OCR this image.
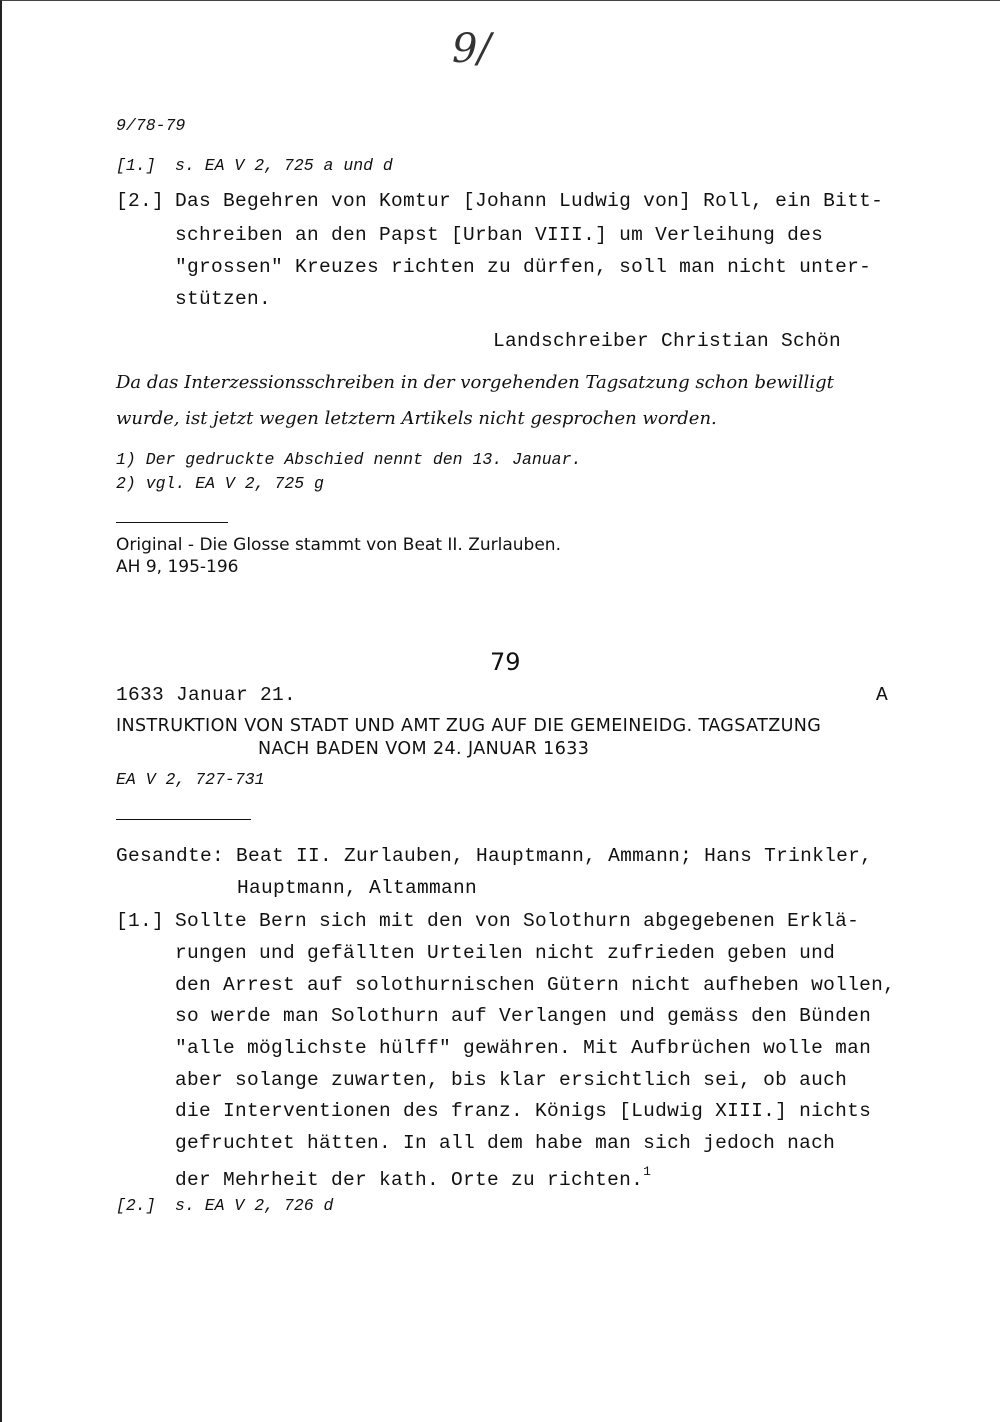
9/
9/78-79
[1.] s. EA V 2, 725 a und d
[2.] Das Begehren von Komtur [Johann Ludwig von] Roll, ein Bitt-
schreiben an den Papst [Urban VIII.] um Verleihung des
"grossen" Kreuzes richten zu dürfen, soll man nicht unter-
stützen.
Landschreiber Christian Schön
Da das Interzessionsschreiben in der vorgehenden Tagsatzung schon bewilligt
wurde, ist jetzt wegen letztern Artikels nicht gesprochen worden.
1) Der gedruckte Abschied nennt den 13. Januar.
2) vgl. EA V 2, 725 g
Original - Die Glosse stammt von Beat II. Zurlauben.
AH 9, 195-196
79
1633 Januar 21.	A
INSTRUKTION VON STADT UND AMT ZUG AUF DIE GEMEINEIDG. TAGSATZUNG
NACH BADEN VOM 24. JANUAR 1633
EA V 2, 727-731
Gesandte: Beat II. Zurlauben, Hauptmann, Ammann; Hans Trinkler,
Hauptmann, Altammann
[1.] Sollte Bern sich mit den von Solothurn abgegebenen Erklä-
rungen und gefällten Urteilen nicht zufrieden geben und
den Arrest auf solothurnischen Gütern nicht aufheben wollen,
so werde man Solothurn auf Verlangen und gemäss den Bünden
"alle möglichste hülff" gewähren. Mit Aufbrüchen wolle man
aber solange zuwarten, bis klar ersichtlich sei, ob auch
die Interventionen des franz. Königs [Ludwig XIII.] nichts
gefruchtet hätten. In all dem habe man sich jedoch nach
der Mehrheit der kath. Orte zu richten.$^1$
[2.] s. EA V 2, 726 d
